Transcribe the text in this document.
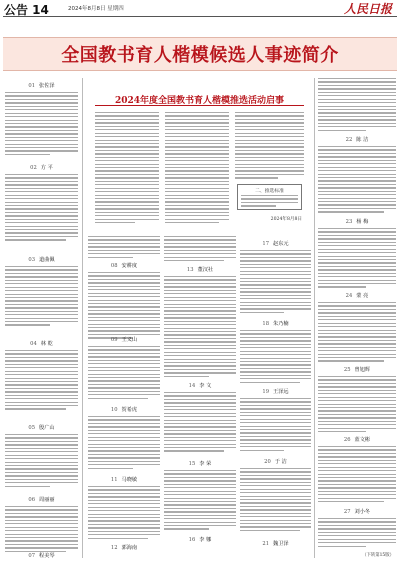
公告 14	2024年8月8日 星期四	人民日报
全国教书育人楷模候选人事迹简介
01 张佐泽
02 方 平
03 道曲佩
04 林 乾
05 殷广山
06 周丽丽
07 程美琴
2024年度全国教书育人楷模推选活动启事
二、推选标准
2024年8月8日
08 安耕度
09 王义山
10 贺希虎
11 马晓敏
12 郭海南
13 董汉社
14 李 文
15 李 荣
16 李 娜
17 赵东元
18 朱乃楠
19 王泽远
20 于 洁
21 魏卫泽
22 陈 洁
23 杨 梅
24 蒙 亮
25 曾旭辉
26 蓝文彬
27 刘小冬
（下转第15版）
